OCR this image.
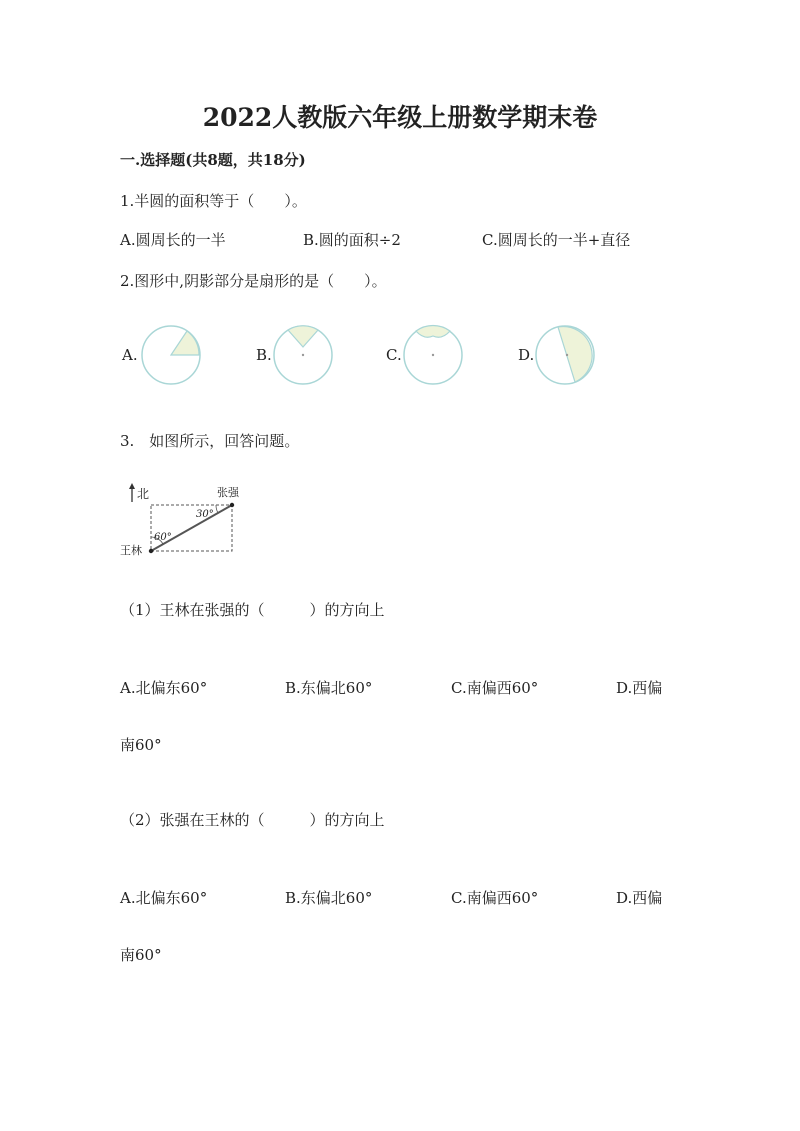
2022人教版六年级上册数学期末卷
一.选择题(共8题，共18分)
1.半圆的面积等于（　　）。
A.圆周长的一半	B.圆的面积÷2	C.圆周长的一半+直径
2.图形中,阴影部分是扇形的是（　　）。
A.	B.	C.	D.
3.　如图所示，回答问题。
北	张强
30°
60°
王林
（1）王林在张强的（　　　）的方向上
A.北偏东60°	B.东偏北60°	C.南偏西60°	D.西偏
南60°
（2）张强在王林的（　　　）的方向上
A.北偏东60°	B.东偏北60°	C.南偏西60°	D.西偏
南60°
